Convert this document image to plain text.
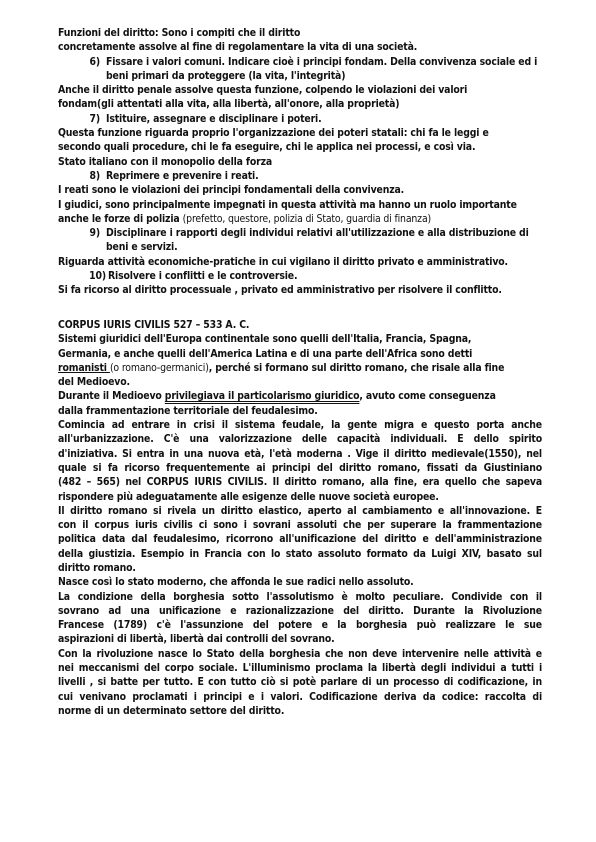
Funzioni del diritto: Sono i compiti che il diritto
concretamente assolve al fine di regolamentare la vita di una società.
6) Fissare i valori comuni. Indicare cioè i principi fondam. Della convivenza sociale ed i
beni primari da proteggere (la vita, l'integrità)
Anche il diritto penale assolve questa funzione, colpendo le violazioni dei valori
fondam(gli attentati alla vita, alla libertà, all'onore, alla proprietà)
7) Istituire, assegnare e disciplinare i poteri.
Questa funzione riguarda proprio l'organizzazione dei poteri statali: chi fa le leggi e
secondo quali procedure, chi le fa eseguire, chi le applica nei processi, e così via.
Stato italiano con il monopolio della forza
8) Reprimere e prevenire i reati.
I reati sono le violazioni dei principi fondamentali della convivenza.
I giudici, sono principalmente impegnati in questa attività ma hanno un ruolo importante
anche le forze di polizia (prefetto, questore, polizia di Stato, guardia di finanza)
9) Disciplinare i rapporti degli individui relativi all'utilizzazione e alla distribuzione di
beni e servizi.
Riguarda attività economiche-pratiche in cui vigilano il diritto privato e amministrativo.
10) Risolvere i conflitti e le controversie.
Si fa ricorso al diritto processuale , privato ed amministrativo per risolvere il conflitto.
CORPUS IURIS CIVILIS 527 – 533 A. C.
Sistemi giuridici dell'Europa continentale sono quelli dell'Italia, Francia, Spagna,
Germania, e anche quelli dell'America Latina e di una parte dell'Africa sono detti
romanisti (o romano-germanici), perché si formano sul diritto romano, che risale alla fine
del Medioevo.
Durante il Medioevo privilegiava il particolarismo giuridico, avuto come conseguenza
dalla frammentazione territoriale del feudalesimo.
Comincia ad entrare in crisi il sistema feudale, la gente migra e questo porta anche
all'urbanizzazione. C'è una valorizzazione delle capacità individuali. E dello spirito
d'iniziativa. Si entra in una nuova età, l'età moderna . Vige il diritto medievale(1550), nel
quale si fa ricorso frequentemente ai principi del diritto romano, fissati da Giustiniano
(482 – 565) nel CORPUS IURIS CIVILIS. Il diritto romano, alla fine, era quello che sapeva
rispondere più adeguatamente alle esigenze delle nuove società europee.
Il diritto romano si rivela un diritto elastico, aperto al cambiamento e all'innovazione. E
con il corpus iuris civilis ci sono i sovrani assoluti che per superare la frammentazione
politica data dal feudalesimo, ricorrono all'unificazione del diritto e dell'amministrazione
della giustizia. Esempio in Francia con lo stato assoluto formato da Luigi XIV, basato sul
diritto romano.
Nasce così lo stato moderno, che affonda le sue radici nello assoluto.
La condizione della borghesia sotto l'assolutismo è molto peculiare. Condivide con il
sovrano ad una unificazione e razionalizzazione del diritto. Durante la Rivoluzione
Francese (1789) c'è l'assunzione del potere e la borghesia può realizzare le sue
aspirazioni di libertà, libertà dai controlli del sovrano.
Con la rivoluzione nasce lo Stato della borghesia che non deve intervenire nelle attività e
nei meccanismi del corpo sociale. L'illuminismo proclama la libertà degli individui a tutti i
livelli , si batte per tutto. E con tutto ciò si potè parlare di un processo di codificazione, in
cui venivano proclamati i principi e i valori. Codificazione deriva da codice: raccolta di
norme di un determinato settore del diritto.
